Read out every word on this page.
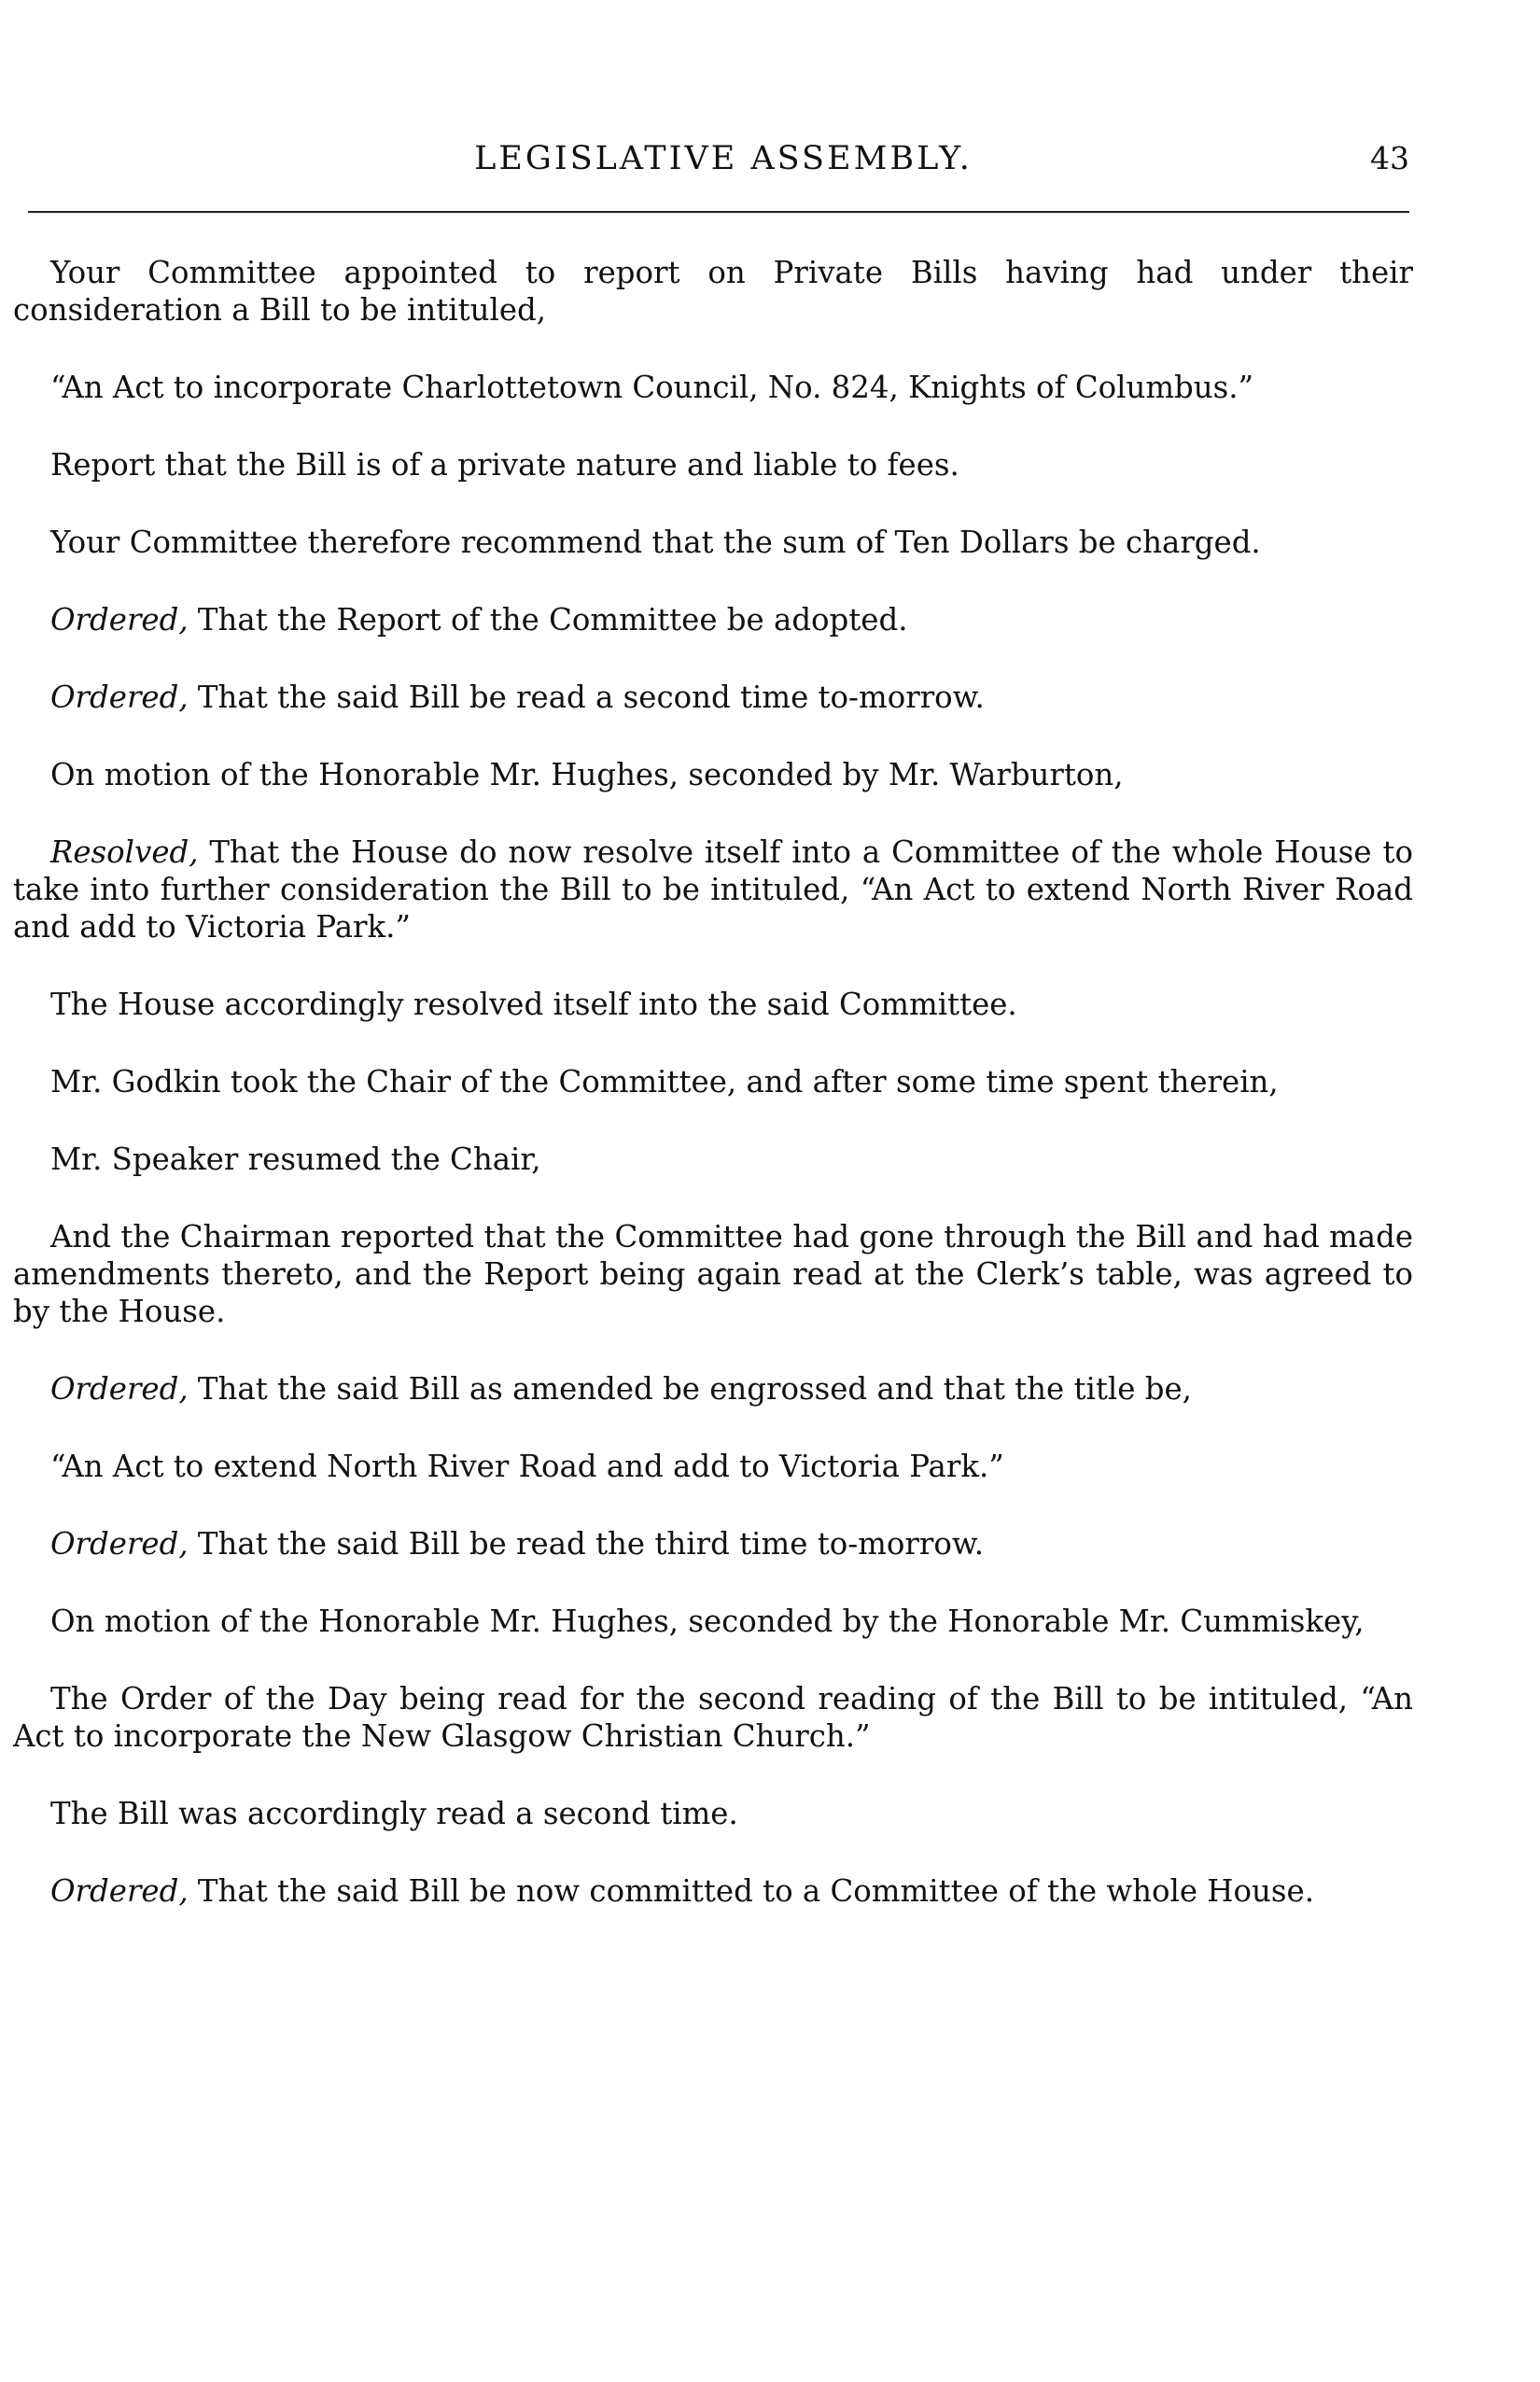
LEGISLATIVE ASSEMBLY.	43

Your Committee appointed to report on Private Bills having had under their consideration a Bill to be intituled,

“An Act to incorporate Charlottetown Council, No. 824, Knights of Columbus.”

Report that the Bill is of a private nature and liable to fees.

Your Committee therefore recommend that the sum of Ten Dollars be charged.

Ordered, That the Report of the Committee be adopted.

Ordered, That the said Bill be read a second time to-morrow.

On motion of the Honorable Mr. Hughes, seconded by Mr. Warburton,

Resolved, That the House do now resolve itself into a Committee of the whole House to take into further consideration the Bill to be intituled, “An Act to extend North River Road and add to Victoria Park.”

The House accordingly resolved itself into the said Committee.

Mr. Godkin took the Chair of the Committee, and after some time spent therein,

Mr. Speaker resumed the Chair,

And the Chairman reported that the Committee had gone through the Bill and had made amendments thereto, and the Report being again read at the Clerk’s table, was agreed to by the House.

Ordered, That the said Bill as amended be engrossed and that the title be,

“An Act to extend North River Road and add to Victoria Park.”

Ordered, That the said Bill be read the third time to-morrow.

On motion of the Honorable Mr. Hughes, seconded by the Honorable Mr. Cummiskey,

The Order of the Day being read for the second reading of the Bill to be intituled, “An Act to incorporate the New Glasgow Christian Church.”

The Bill was accordingly read a second time.

Ordered, That the said Bill be now committed to a Committee of the whole House.
